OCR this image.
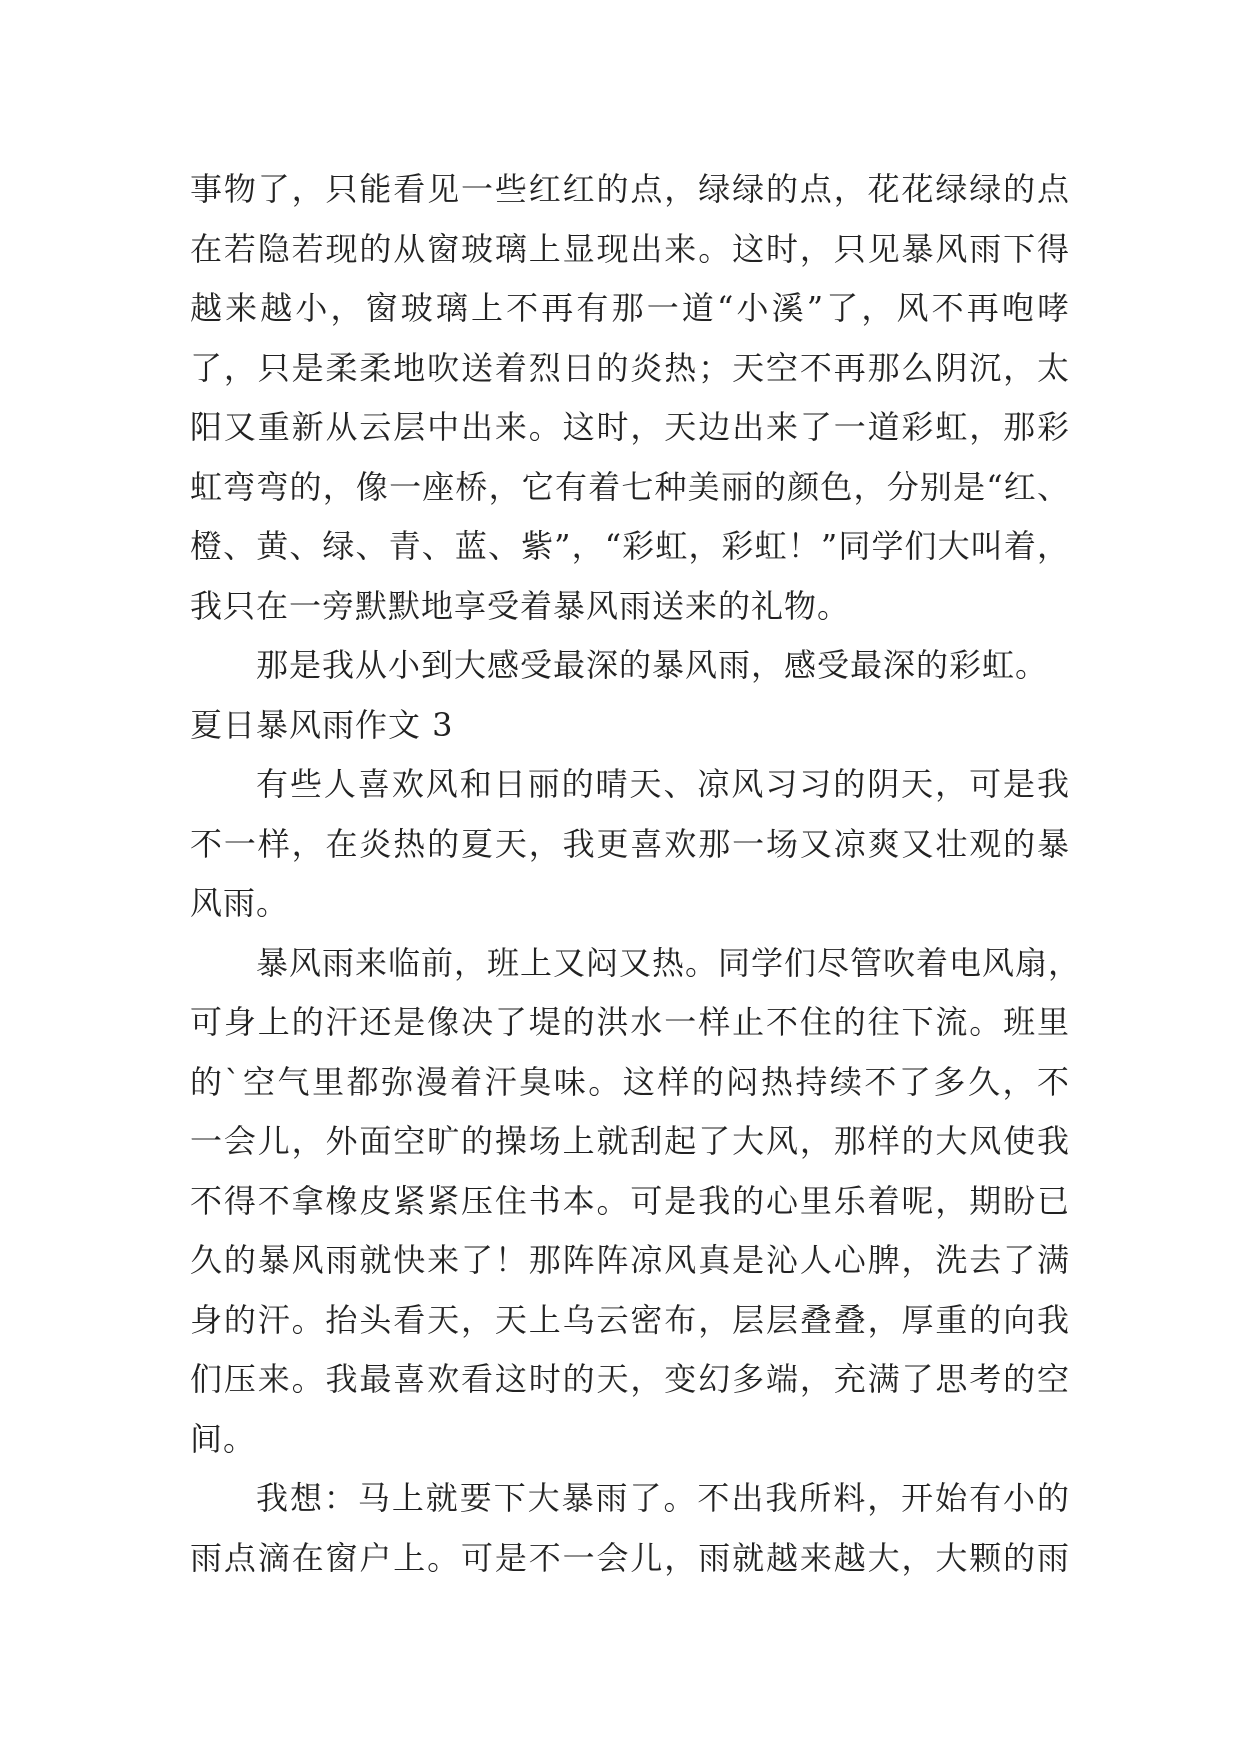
事物了，只能看见一些红红的点，绿绿的点，花花绿绿的点
在若隐若现的从窗玻璃上显现出来。这时，只见暴风雨下得
越来越小，窗玻璃上不再有那一道“小溪”了，风不再咆哮
了，只是柔柔地吹送着烈日的炎热；天空不再那么阴沉，太
阳又重新从云层中出来。这时，天边出来了一道彩虹，那彩
虹弯弯的，像一座桥，它有着七种美丽的颜色，分别是“红、
橙、黄、绿、青、蓝、紫”，“彩虹，彩虹！”同学们大叫着，
我只在一旁默默地享受着暴风雨送来的礼物。
那是我从小到大感受最深的暴风雨，感受最深的彩虹。
夏日暴风雨作文 3
有些人喜欢风和日丽的晴天、凉风习习的阴天，可是我
不一样，在炎热的夏天，我更喜欢那一场又凉爽又壮观的暴
风雨。
暴风雨来临前，班上又闷又热。同学们尽管吹着电风扇，
可身上的汗还是像决了堤的洪水一样止不住的往下流。班里
的`空气里都弥漫着汗臭味。这样的闷热持续不了多久，不
一会儿，外面空旷的操场上就刮起了大风，那样的大风使我
不得不拿橡皮紧紧压住书本。可是我的心里乐着呢，期盼已
久的暴风雨就快来了！那阵阵凉风真是沁人心脾，洗去了满
身的汗。抬头看天，天上乌云密布，层层叠叠，厚重的向我
们压来。我最喜欢看这时的天，变幻多端，充满了思考的空
间。
我想：马上就要下大暴雨了。不出我所料，开始有小的
雨点滴在窗户上。可是不一会儿，雨就越来越大，大颗的雨
